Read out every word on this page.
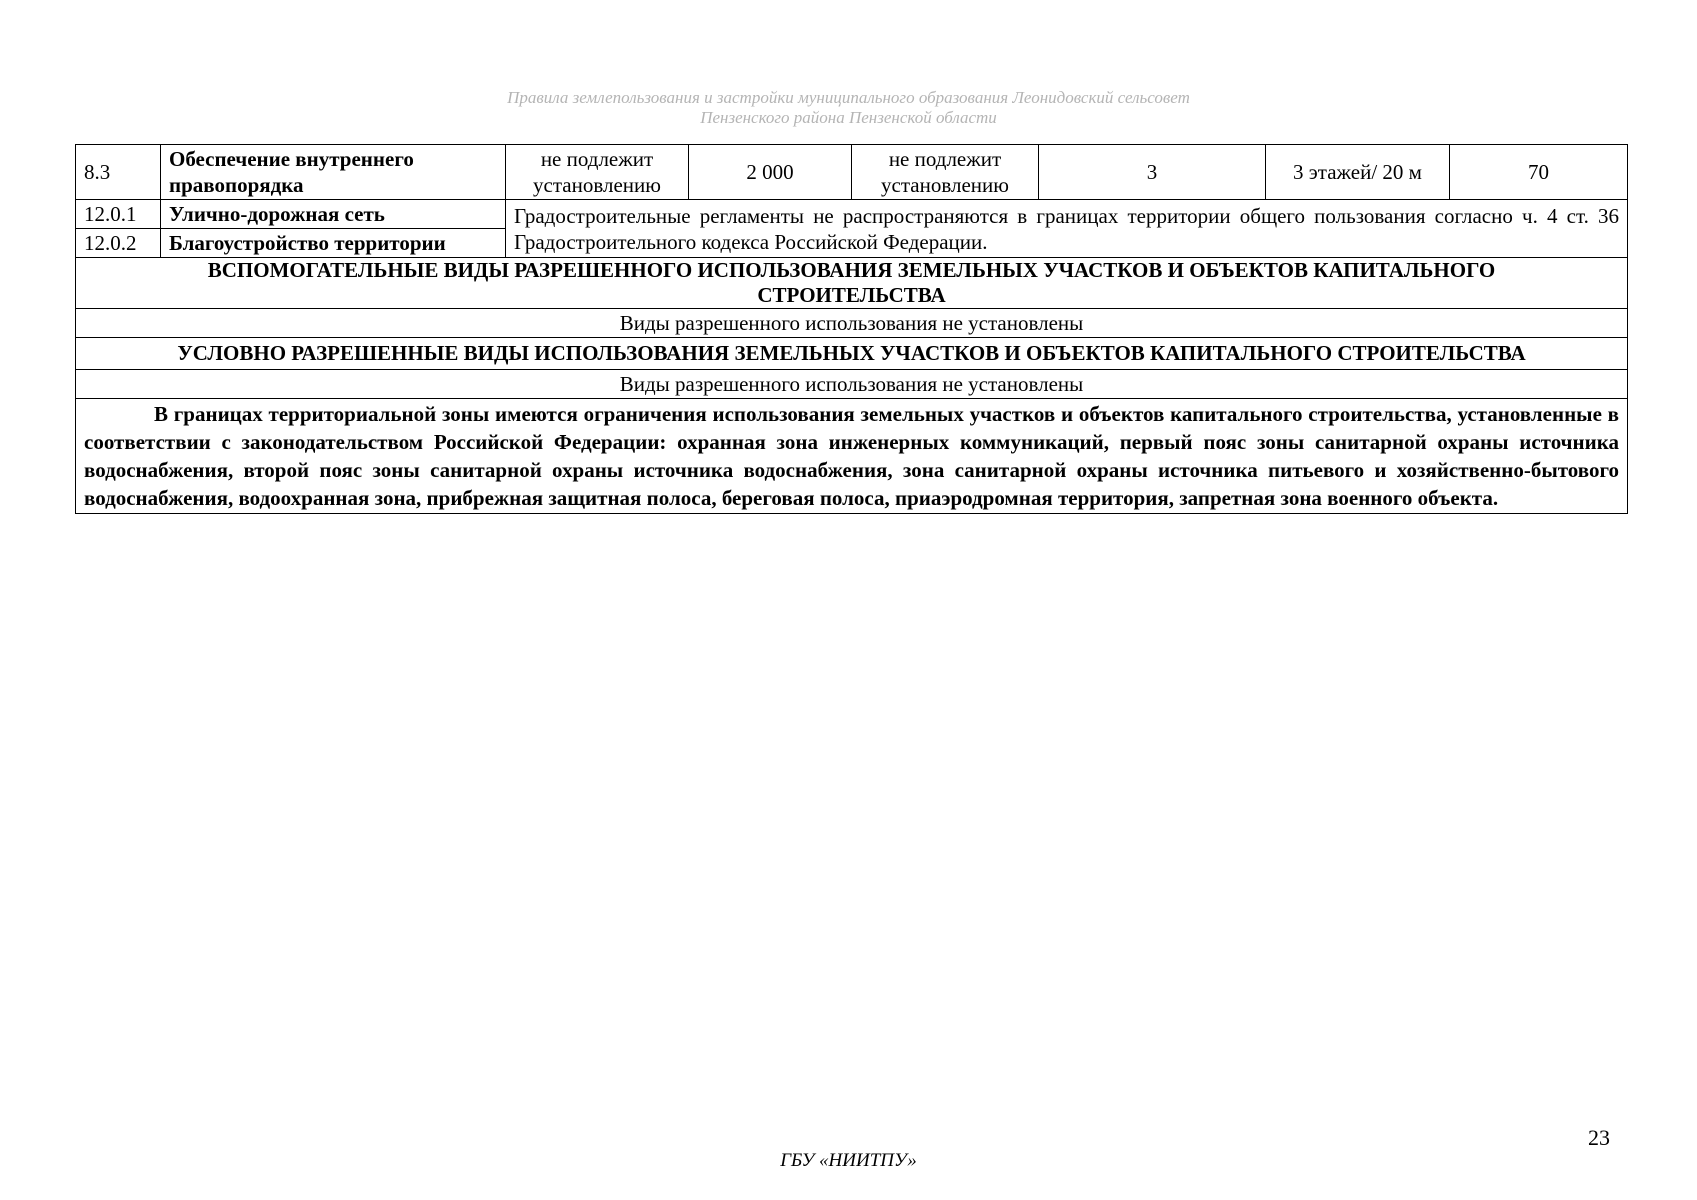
Правила землепользования и застройки муниципального образования Леонидовский сельсовет
Пензенского района Пензенской области
8.3	Обеспечение внутреннего правопорядка	не подлежит установлению	2 000	не подлежит установлению	3	3 этажей/ 20 м	70
12.0.1	Улично-дорожная сеть	Градостроительные регламенты не распространяются в границах территории общего пользования согласно ч. 4 ст. 36 Градостроительного кодекса Российской Федерации.					
12.0.2	Благоустройство территории						
ВСПОМОГАТЕЛЬНЫЕ ВИДЫ РАЗРЕШЕННОГО ИСПОЛЬЗОВАНИЯ ЗЕМЕЛЬНЫХ УЧАСТКОВ И ОБЪЕКТОВ КАПИТАЛЬНОГО СТРОИТЕЛЬСТВА							
Виды разрешенного использования не установлены							
УСЛОВНО РАЗРЕШЕННЫЕ ВИДЫ ИСПОЛЬЗОВАНИЯ ЗЕМЕЛЬНЫХ УЧАСТКОВ И ОБЪЕКТОВ КАПИТАЛЬНОГО СТРОИТЕЛЬСТВА							
Виды разрешенного использования не установлены							
В границах территориальной зоны имеются ограничения использования земельных участков и объектов капитального строительства, установленные в соответствии с законодательством Российской Федерации: охранная зона инженерных коммуникаций, первый пояс зоны санитарной охраны источника водоснабжения, второй пояс зоны санитарной охраны источника водоснабжения, зона санитарной охраны источника питьевого и хозяйственно-бытового водоснабжения, водоохранная зона, прибрежная защитная полоса, береговая полоса, приаэродромная территория, запретная зона военного объекта.							
23
ГБУ «НИИТПУ»
